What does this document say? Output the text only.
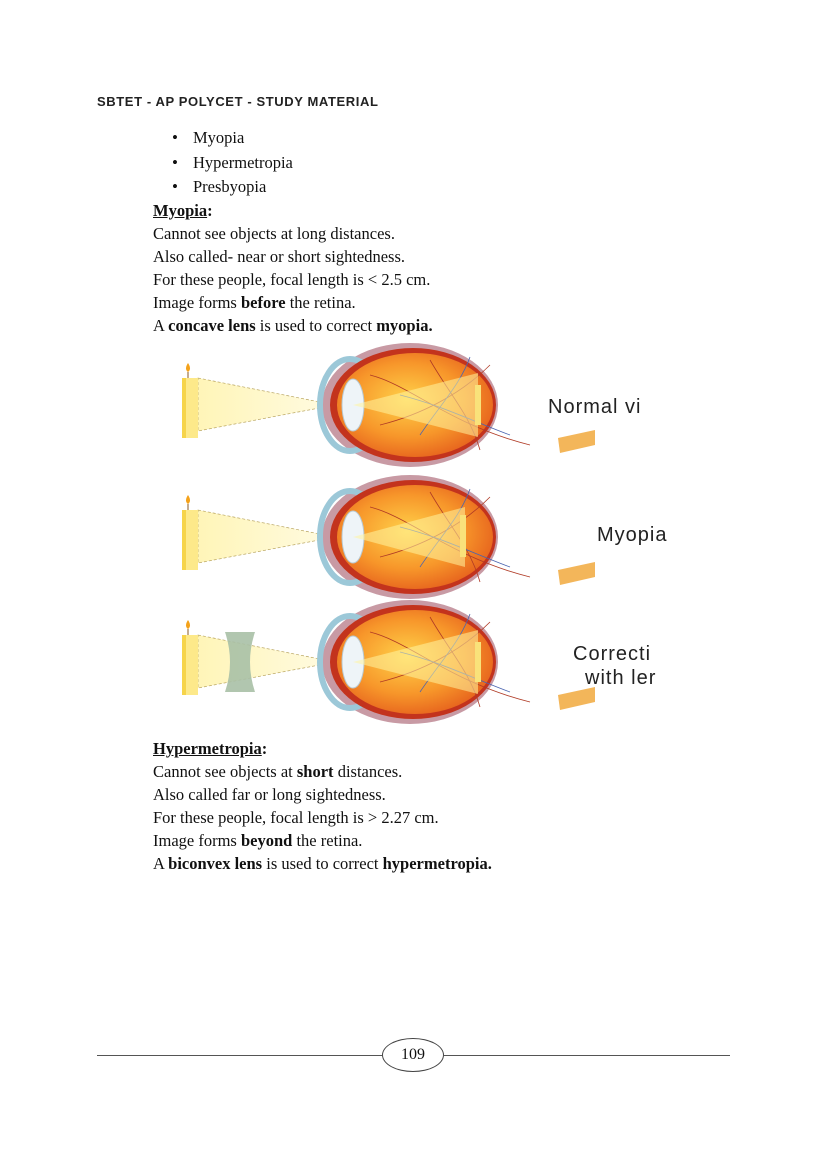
SBTET - AP POLYCET - STUDY MATERIAL
• Myopia
• Hypermetropia
• Presbyopia
Myopia:
Cannot see objects at long distances.
Also called- near or short sightedness.
For these people, focal length is < 2.5 cm.
Image forms before the retina.
A concave lens is used to correct myopia.
Normal vi
Myopia
Correcti
with ler
Hypermetropia:
Cannot see objects at short distances.
Also called far or long sightedness.
For these people, focal length is > 2.27 cm.
Image forms beyond the retina.
A biconvex lens is used to correct hypermetropia.
109
